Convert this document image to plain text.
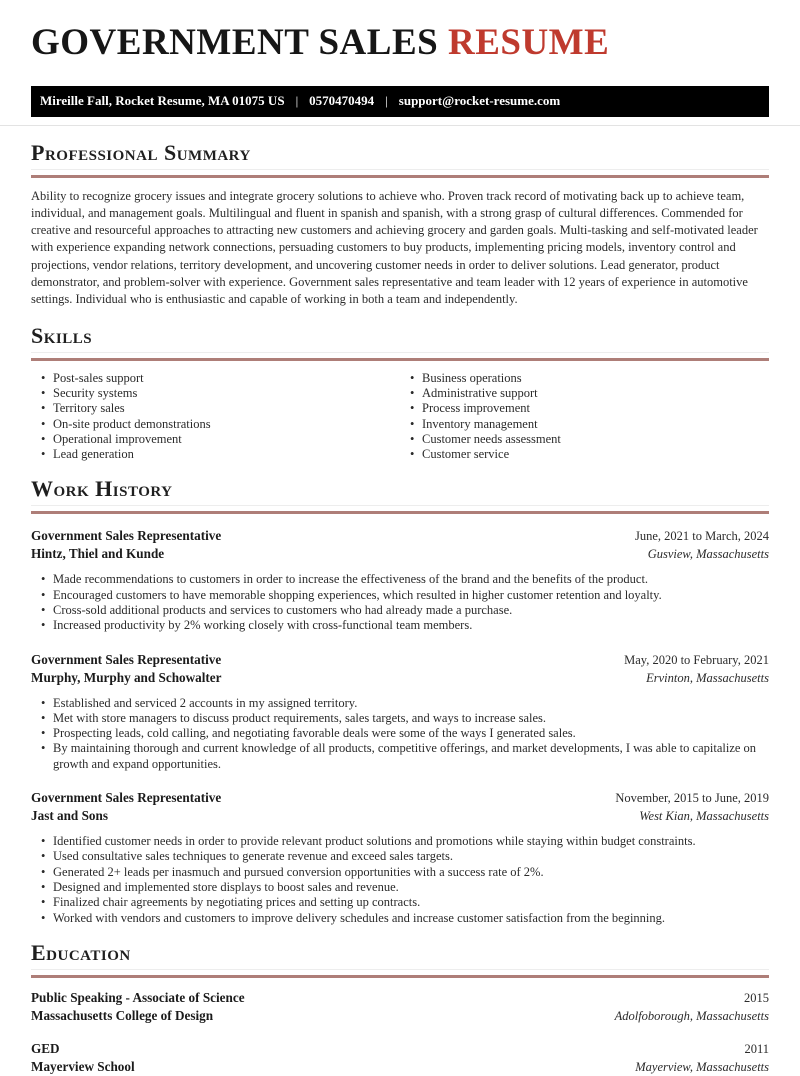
GOVERNMENT SALES RESUME
Mireille Fall, Rocket Resume, MA 01075 US | 0570470494 | support@rocket-resume.com
Professional Summary

Ability to recognize grocery issues and integrate grocery solutions to achieve who. Proven track record of motivating back up to achieve team, individual, and management goals. Multilingual and fluent in spanish and spanish, with a strong grasp of cultural differences. Commended for creative and resourceful approaches to attracting new customers and achieving grocery and garden goals. Multi-tasking and self-motivated leader with experience expanding network connections, persuading customers to buy products, implementing pricing models, inventory control and projections, vendor relations, territory development, and uncovering customer needs in order to deliver solutions. Lead generator, product demonstrator, and problem-solver with experience. Government sales representative and team leader with 12 years of experience in automotive settings. Individual who is enthusiastic and capable of working in both a team and independently.

Skills
• Post-sales support
• Security systems
• Territory sales
• On-site product demonstrations
• Operational improvement
• Lead generation
• Business operations
• Administrative support
• Process improvement
• Inventory management
• Customer needs assessment
• Customer service
Work History
Government Sales Representative	June, 2021 to March, 2024
Hintz, Thiel and Kunde	Gusview, Massachusetts
• Made recommendations to customers in order to increase the effectiveness of the brand and the benefits of the product.
• Encouraged customers to have memorable shopping experiences, which resulted in higher customer retention and loyalty.
• Cross-sold additional products and services to customers who had already made a purchase.
• Increased productivity by 2% working closely with cross-functional team members.
Government Sales Representative	May, 2020 to February, 2021
Murphy, Murphy and Schowalter	Ervinton, Massachusetts
• Established and serviced 2 accounts in my assigned territory.
• Met with store managers to discuss product requirements, sales targets, and ways to increase sales.
• Prospecting leads, cold calling, and negotiating favorable deals were some of the ways I generated sales.
• By maintaining thorough and current knowledge of all products, competitive offerings, and market developments, I was able to capitalize on growth and expand opportunities.
Government Sales Representative	November, 2015 to June, 2019
Jast and Sons	West Kian, Massachusetts
• Identified customer needs in order to provide relevant product solutions and promotions while staying within budget constraints.
• Used consultative sales techniques to generate revenue and exceed sales targets.
• Generated 2+ leads per inasmuch and pursued conversion opportunities with a success rate of 2%.
• Designed and implemented store displays to boost sales and revenue.
• Finalized chair agreements by negotiating prices and setting up contracts.
• Worked with vendors and customers to improve delivery schedules and increase customer satisfaction from the beginning.
Education
Public Speaking - Associate of Science	2015
Massachusetts College of Design	Adolfoborough, Massachusetts
GED	2011
Mayerview School	Mayerview, Massachusetts
